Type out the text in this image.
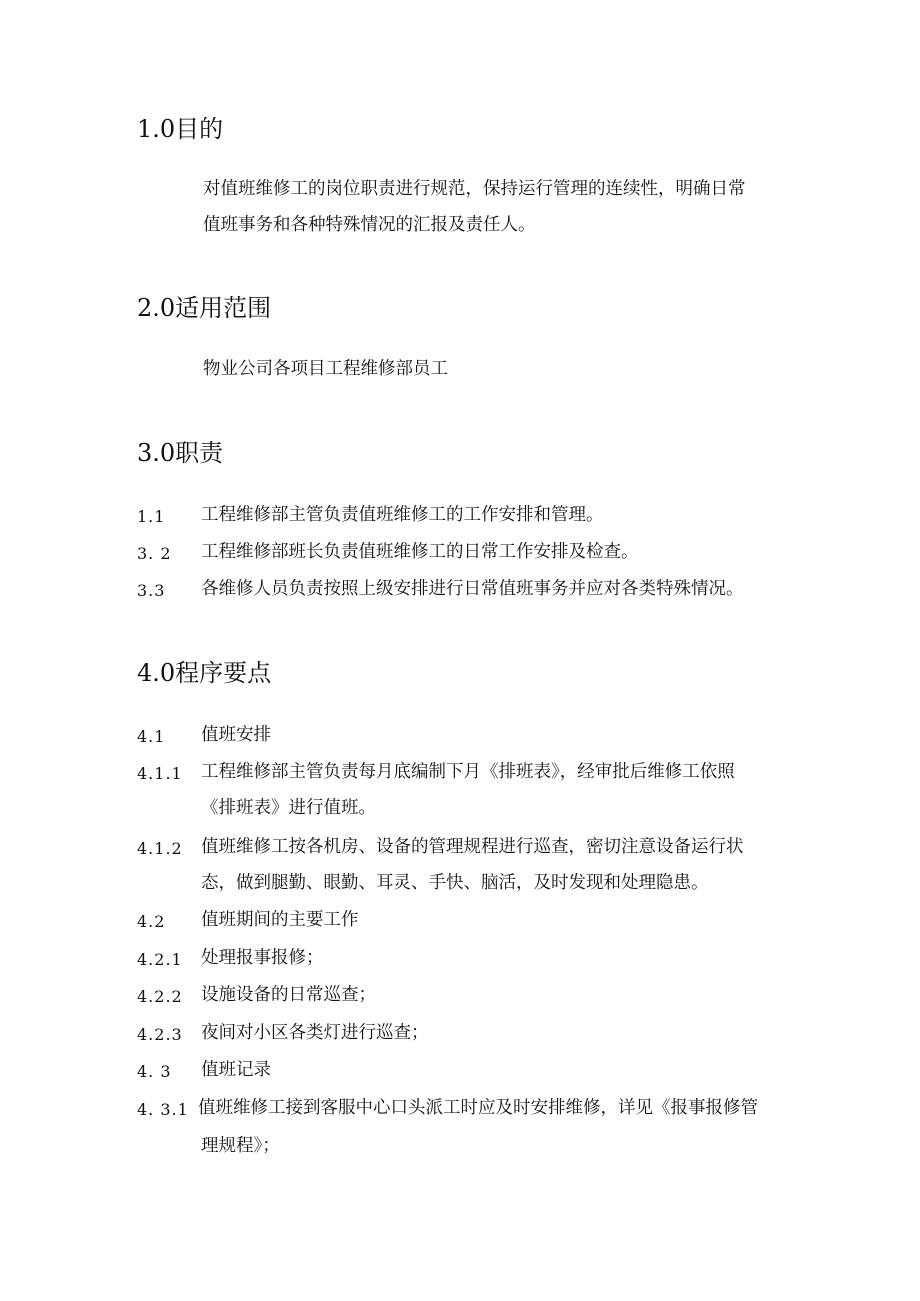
1.0目的
对值班维修工的岗位职责进行规范，保持运行管理的连续性，明确日常
值班事务和各种特殊情况的汇报及责任人。
2.0适用范围
物业公司各项目工程维修部员工
3.0职责
1.1 工程维修部主管负责值班维修工的工作安排和管理。
3. 2 工程维修部班长负责值班维修工的日常工作安排及检查。
3.3 各维修人员负责按照上级安排进行日常值班事务并应对各类特殊情况。
4.0程序要点
4.1 值班安排
4.1.1 工程维修部主管负责每月底编制下月《排班表》，经审批后维修工依照
《排班表》进行值班。
4.1.2 值班维修工按各机房、设备的管理规程进行巡查，密切注意设备运行状
态，做到腿勤、眼勤、耳灵、手快、脑活，及时发现和处理隐患。
4.2 值班期间的主要工作
4.2.1 处理报事报修；
4.2.2 设施设备的日常巡查；
4.2.3 夜间对小区各类灯进行巡查；
4. 3 值班记录
4. 3.1 值班维修工接到客服中心口头派工时应及时安排维修，详见《报事报修管
理规程》；
